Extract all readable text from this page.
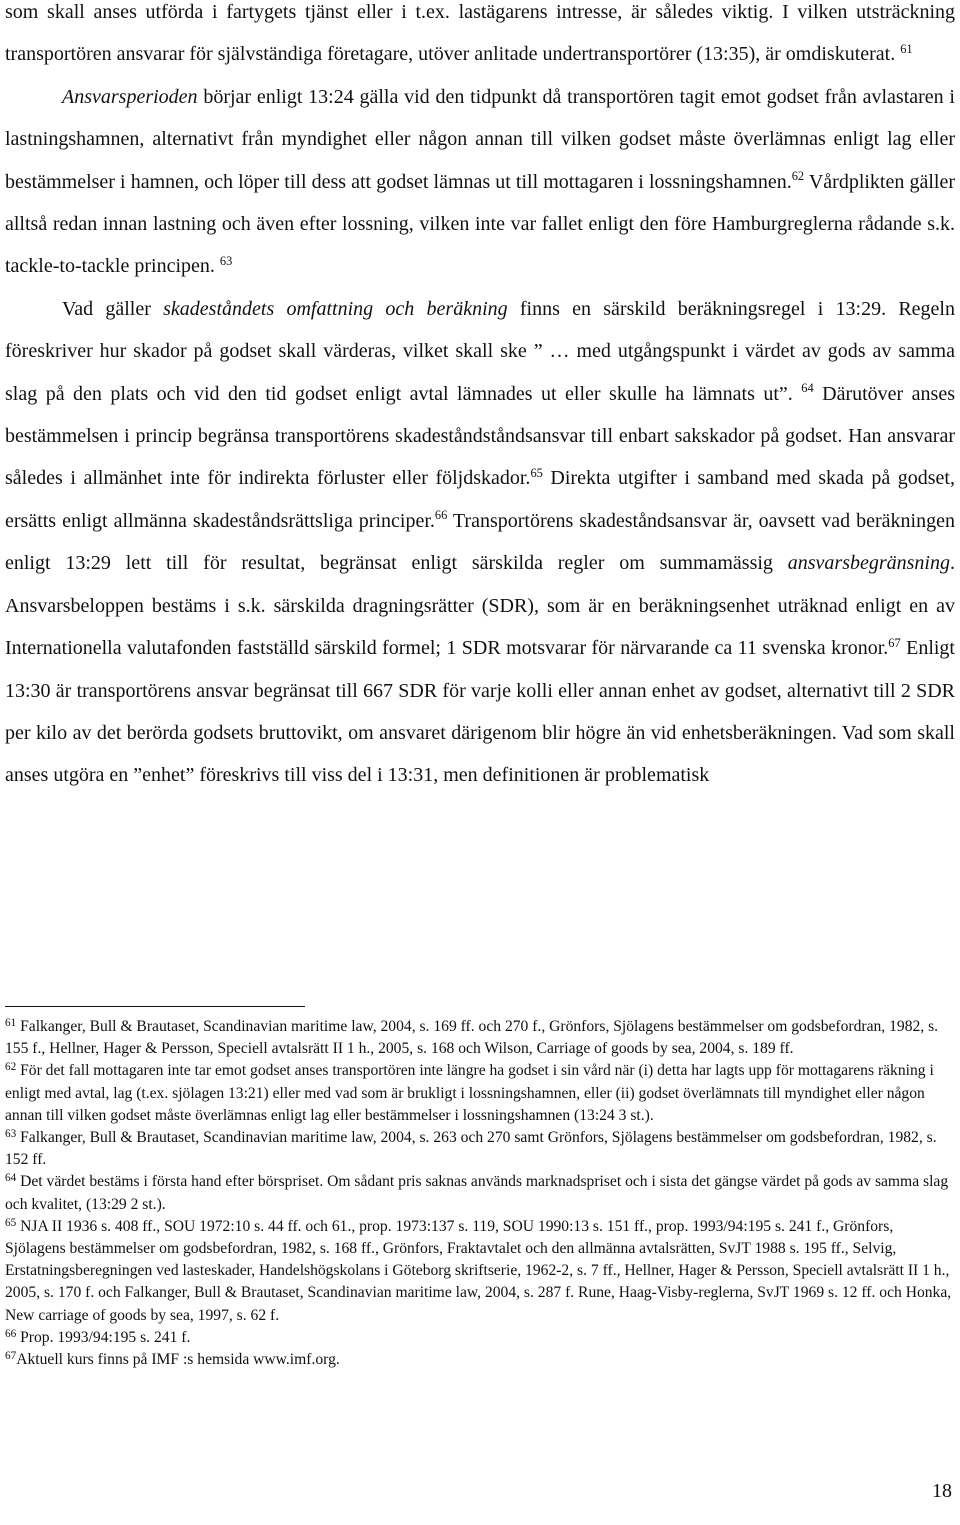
som skall anses utförda i fartygets tjänst eller i t.ex. lastägarens intresse, är således viktig. I vilken utsträckning transportören ansvarar för självständiga företagare, utöver anlitade undertransportörer (13:35), är omdiskuterat. $^{61}$

Ansvarsperioden börjar enligt 13:24 gälla vid den tidpunkt då transportören tagit emot godset från avlastaren i lastningshamnen, alternativt från myndighet eller någon annan till vilken godset måste överlämnas enligt lag eller bestämmelser i hamnen, och löper till dess att godset lämnas ut till mottagaren i lossningshamnen.$^{62}$ Vårdplikten gäller alltså redan innan lastning och även efter lossning, vilken inte var fallet enligt den före Hamburgreglerna rådande s.k. tackle-to-tackle principen. $^{63}$

Vad gäller skadeståndets omfattning och beräkning finns en särskild beräkningsregel i 13:29. Regeln föreskriver hur skador på godset skall värderas, vilket skall ske ” … med utgångspunkt i värdet av gods av samma slag på den plats och vid den tid godset enligt avtal lämnades ut eller skulle ha lämnats ut”. $^{64}$ Därutöver anses bestämmelsen i princip begränsa transportörens skadeståndståndsansvar till enbart sakskador på godset. Han ansvarar således i allmänhet inte för indirekta förluster eller följdskador.$^{65}$ Direkta utgifter i samband med skada på godset, ersätts enligt allmänna skadeståndsrättsliga principer.$^{66}$ Transportörens skadeståndsansvar är, oavsett vad beräkningen enligt 13:29 lett till för resultat, begränsat enligt särskilda regler om summamässig ansvarsbegränsning. Ansvarsbeloppen bestäms i s.k. särskilda dragningsrätter (SDR), som är en beräkningsenhet uträknad enligt en av Internationella valutafonden fastställd särskild formel; 1 SDR motsvarar för närvarande ca 11 svenska kronor.$^{67}$ Enligt 13:30 är transportörens ansvar begränsat till 667 SDR för varje kolli eller annan enhet av godset, alternativt till 2 SDR per kilo av det berörda godsets bruttovikt, om ansvaret därigenom blir högre än vid enhetsberäkningen. Vad som skall anses utgöra en ”enhet” föreskrivs till viss del i 13:31, men definitionen är problematisk

$^{61}$ Falkanger, Bull & Brautaset, Scandinavian maritime law, 2004, s. 169 ff. och 270 f., Grönfors, Sjölagens bestämmelser om godsbefordran, 1982, s. 155 f., Hellner, Hager & Persson, Speciell avtalsrätt II 1 h., 2005, s. 168 och Wilson, Carriage of goods by sea, 2004, s. 189 ff.

$^{62}$ För det fall mottagaren inte tar emot godset anses transportören inte längre ha godset i sin vård när (i) detta har lagts upp för mottagarens räkning i enligt med avtal, lag (t.ex. sjölagen 13:21) eller med vad som är brukligt i lossningshamnen, eller (ii) godset överlämnats till myndighet eller någon annan till vilken godset måste överlämnas enligt lag eller bestämmelser i lossningshamnen (13:24 3 st.).

$^{63}$ Falkanger, Bull & Brautaset, Scandinavian maritime law, 2004, s. 263 och 270 samt Grönfors, Sjölagens bestämmelser om godsbefordran, 1982, s. 152 ff.

$^{64}$ Det värdet bestäms i första hand efter börspriset. Om sådant pris saknas används marknadspriset och i sista det gängse värdet på gods av samma slag och kvalitet, (13:29 2 st.).

$^{65}$ NJA II 1936 s. 408 ff., SOU 1972:10 s. 44 ff. och 61., prop. 1973:137 s. 119, SOU 1990:13 s. 151 ff., prop. 1993/94:195 s. 241 f., Grönfors, Sjölagens bestämmelser om godsbefordran, 1982, s. 168 ff., Grönfors, Fraktavtalet och den allmänna avtalsrätten, SvJT 1988 s. 195 ff., Selvig, Erstatningsberegningen ved lasteskader, Handelshögskolans i Göteborg skriftserie, 1962-2, s. 7 ff., Hellner, Hager & Persson, Speciell avtalsrätt II 1 h., 2005, s. 170 f. och Falkanger, Bull & Brautaset, Scandinavian maritime law, 2004, s. 287 f. Rune, Haag-Visby-reglerna, SvJT 1969 s. 12 ff. och Honka, New carriage of goods by sea, 1997, s. 62 f.

$^{66}$ Prop. 1993/94:195 s. 241 f.

$^{67}$Aktuell kurs finns på IMF :s hemsida www.imf.org.

18
